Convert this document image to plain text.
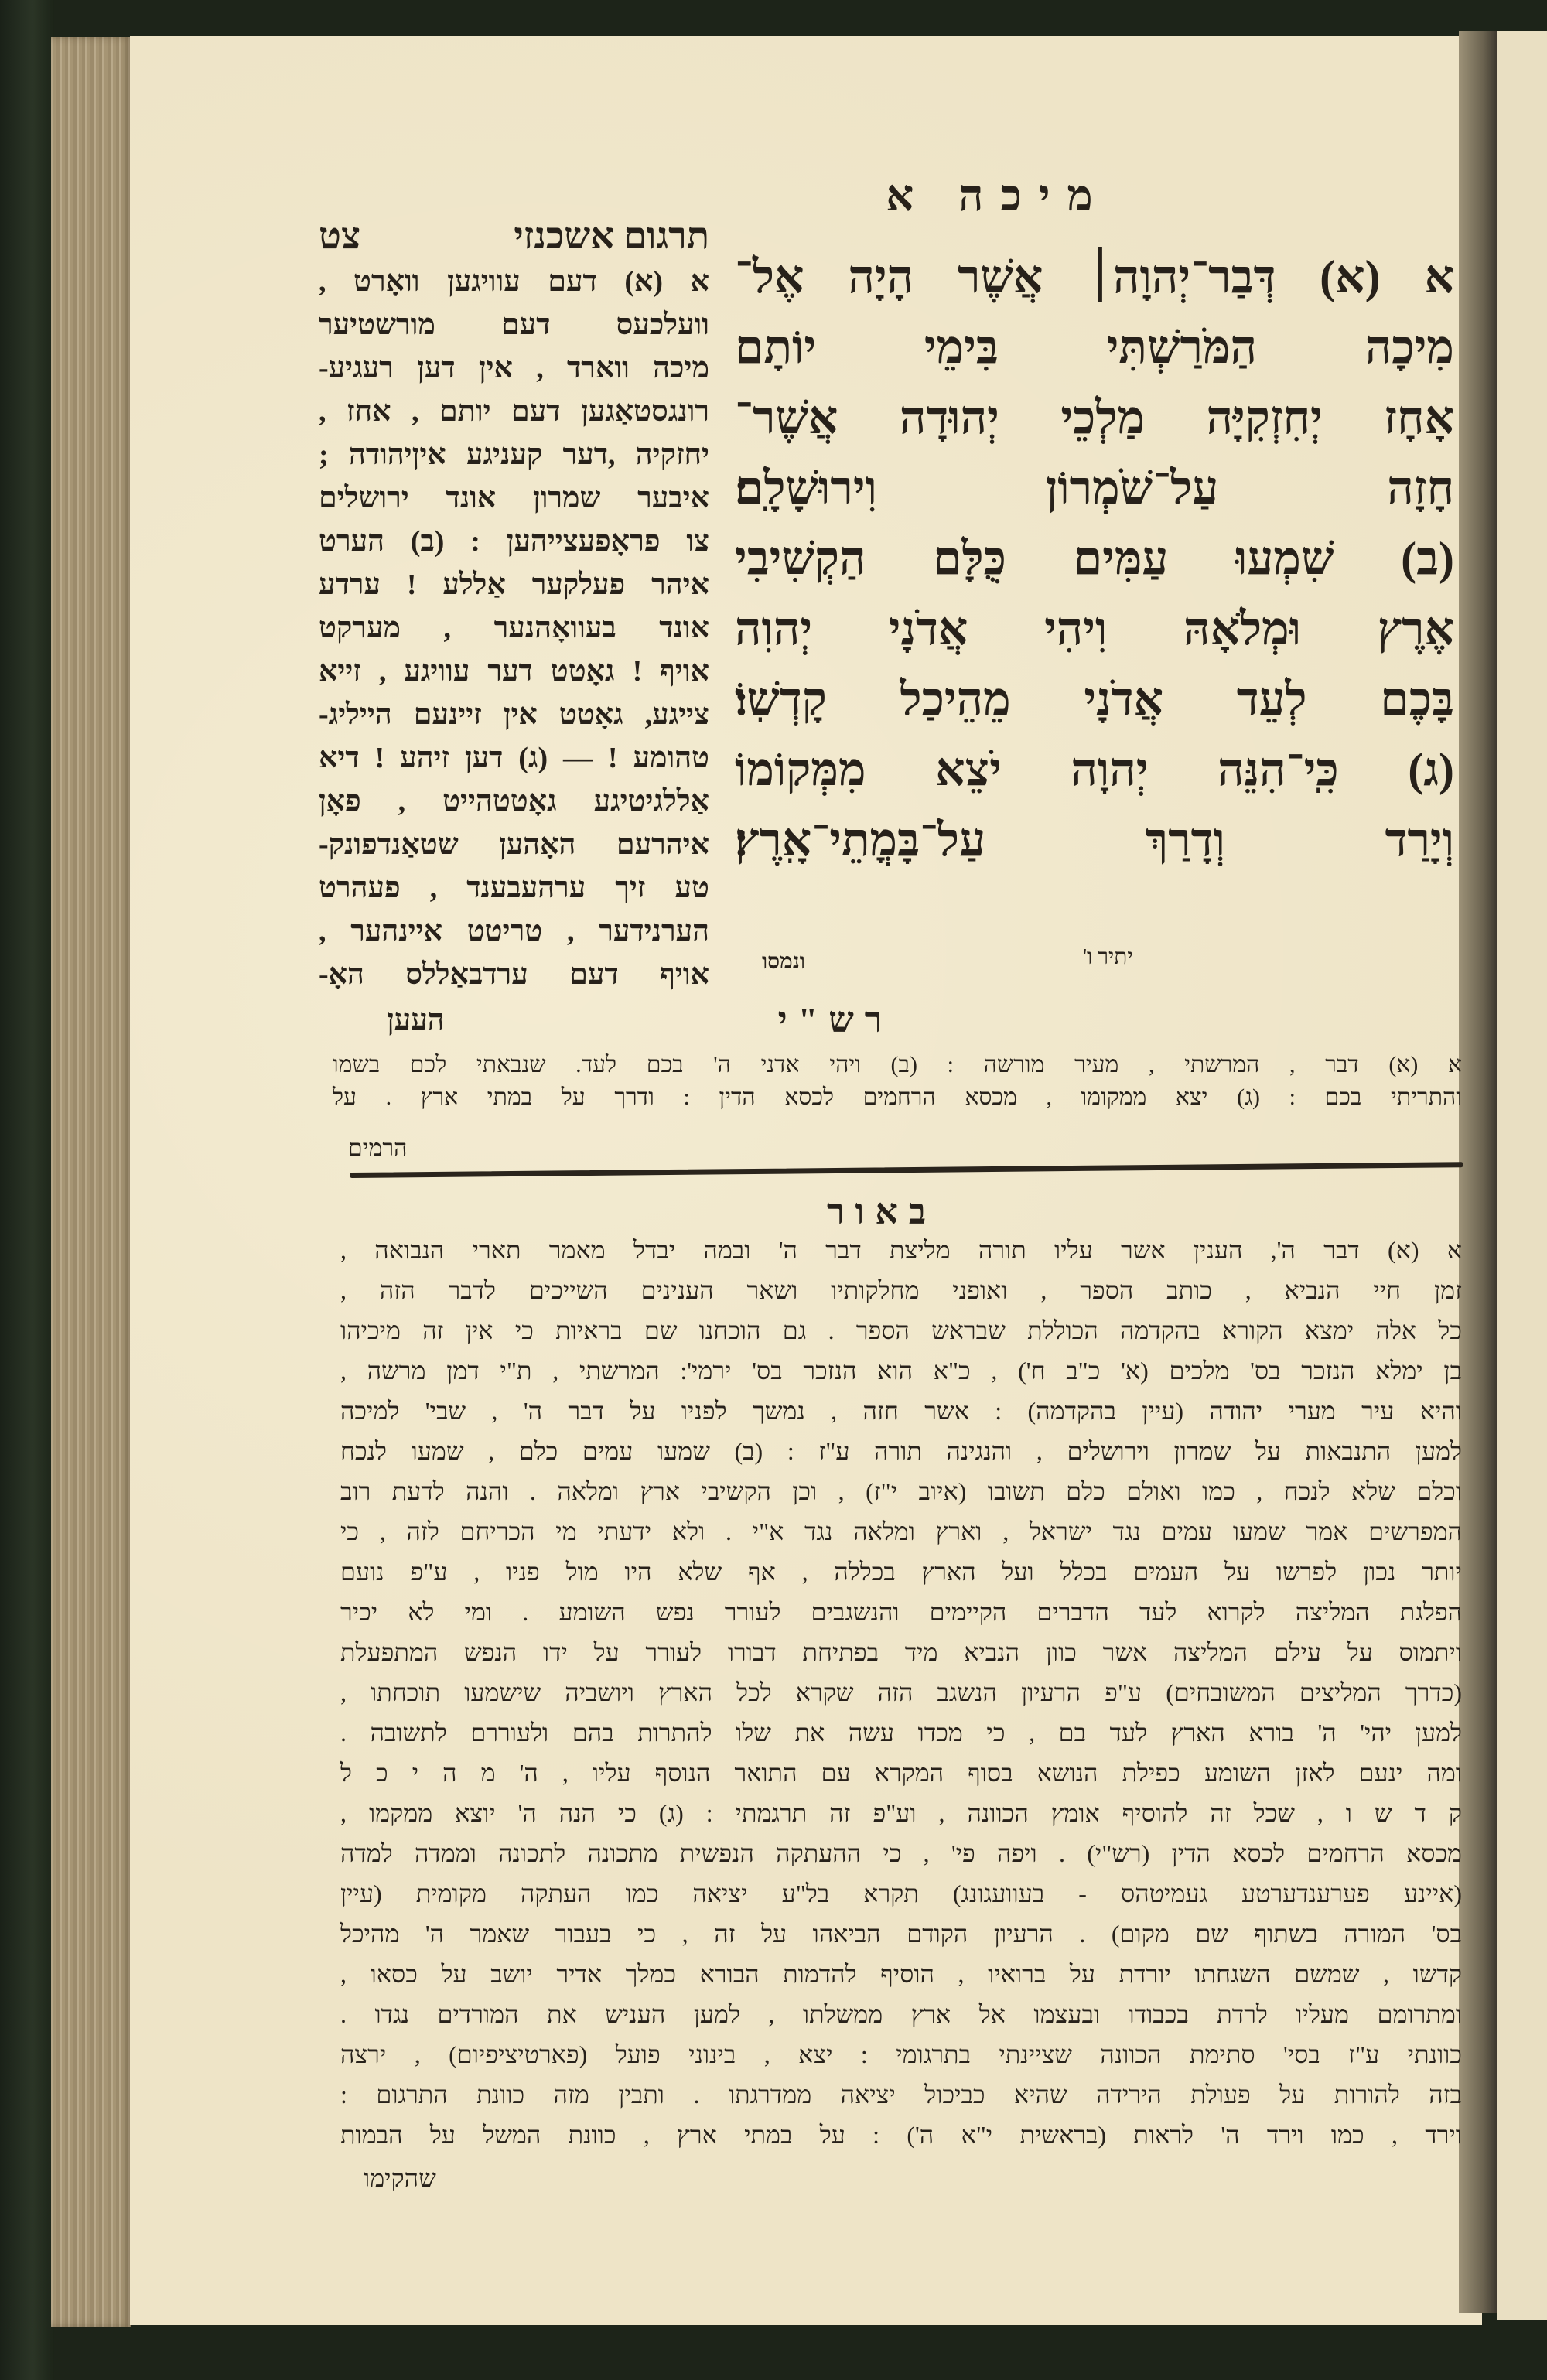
מיכה א
תרגום אשכנזי
צט
א (א) דעם עוויגען וואָרט ,
וועלכעס דעם מורשטיער
מיכה ווארד , אין דען רעגיע-
רונגסטאַגען דעם יותם , אחז ,
יחזקיה ,דער קעניגע איןיהודה ;
איבער שמרון אונד ירושלים
צו פראָפעצייהען : (ב) הערט
איהר פעלקער אַללע ! ערדע
אונד בעוואָהנער , מערקט
אויף ! גאָטט דער עוויגע , זייא
צייגע, גאָטט אין זיינעם הייליג-
טהומע ! — (ג) דען זיהע ! דיא
אַללגיטיגע גאָטטהייט , פאָן
איהרעם האָהען שטאַנדפונק-
טע זיך ערהעבענד , פעהרט
הערנידער , טריטט איינהער ,
אויף דעם ערדבאַללס האָ-
העען
א (א) דְּבַר־יְהוָה׀ אֲשֶׁר הָיָה אֶל־
מִיכָה הַמֹּרַשְׁתִּי בִּימֵי יוֹתָם
אָחָז יְחִזְקִיָּה מַלְכֵי יְהוּדָה אֲשֶׁר־
חָזָה עַל־שֹׁמְרוֹן וִירוּשָׁלָֽם׃
(ב) שִׁמְעוּ עַמִּים כֻּלָּם הַקְשִׁיבִי
אֶרֶץ וּמְלֹאָהּ וִיהִי אֲדֹנָי יְהוִה
בָּכֶם לְעֵד אֲדֹנָי מֵהֵיכַל קָדְשֽׁוֹ׃
(ג) כִּֽי־הִנֵּה יְהוָה יֹצֵא מִמְּקוֹמוֹ
וְיָרַד וְדָרַךְ עַל־בָּמֳתֵי־אָֽרֶץ׃
יתיר ו'
ונמסו
רש"י
א (א) דבר , המרשתי , מעיר מורשה : (ב) ויהי אדני ה' בכם לעד. שנבאתי לכם בשמו
והתריתי בכם : (ג) יצא ממקומו , מכסא הרחמים לכסא הדין : ודרך על במתי ארץ . על
הרמים
באור
א (א) דבר ה', הענין אשר עליו תורה מליצת דבר ה' ובמה יבדל מאמר תארי הנבואה ,
זמן חיי הנביא , כותב הספר , ואופני מחלקותיו ושאר הענינים השייכים לדבר הזה ,
כל אלה ימצא הקורא בהקדמה הכוללת שבראש הספר . גם הוכחנו שם בראיות כי אין זה מיכיהו
בן ימלא הנזכר בס' מלכים (א' כ"ב ח') , כ"א הוא הנזכר בס' ירמי': המרשתי , ת"י דמן מרשה ,
והיא עיר מערי יהודה (עיין בהקדמה) : אשר חזה , נמשך לפניו על דבר ה' , שבי' למיכה
למען התנבאות על שמרון וירושלים , והנגינה תורה ע"ז : (ב) שמעו עמים כלם , שמעו לנכח
וכלם שלא לנכח , כמו ואולם כלם תשובו (איוב י"ז) , וכן הקשיבי ארץ ומלאה . והנה לדעת רוב
המפרשים אמר שמעו עמים נגד ישראל , וארץ ומלאה נגד א"י . ולא ידעתי מי הכריחם לזה , כי
יותר נכון לפרשו על העמים בכלל ועל הארץ בכללה , אף שלא היו מול פניו , ע"פ נועם
הפלגת המליצה לקרוא לעד הדברים הקיימים והנשגבים לעורר נפש השומע . ומי לא יכיר
ויתמוס על עילם המליצה אשר כוון הנביא מיד בפתיחת דבורו לעורר על ידו הנפש המתפעלת
(כדרך המליצים המשובחים) ע"פ הרעיון הנשגב הזה שקרא לכל הארץ ויושביה שישמעו תוכחתו ,
למען יהי' ה' בורא הארץ לעד בם , כי מכדו עשה את שלו להתרות בהם ולעוררם לתשובה .
ומה ינעם לאזן השומע כפילת הנושא בסוף המקרא עם התואר הנוסף עליו , ה' מ ה י כ ל
ק ד ש ו , שכל זה להוסיף אומץ הכוונה , וע"פ זה תרגמתי : (ג) כי הנה ה' יוצא ממקמו ,
מכסא הרחמים לכסא הדין (רש"י) . ויפה פי' , כי ההעתקה הנפשית מתכונה לתכונה וממדה למדה
(איינע פערענדערטע געמיטהס - בעוועגונג) תקרא בל"ע יציאה כמו העתקה מקומית (עיין
בס' המורה בשתוף שם מקום) . הרעיון הקודם הביאהו על זה , כי בעבור שאמר ה' מהיכל
קדשו , שמשם השגחתו יורדת על ברואיו , הוסיף להדמות הבורא כמלך אדיר יושב על כסאו ,
ומתרומם מעליו לרדת בכבודו ובעצמו אל ארץ ממשלתו , למען העניש את המורדים נגדו .
כוונתי ע"ז בסי' סתימת הכוונה שציינתי בתרגומי : יצא , בינוני פועל (פארטיציפיום) , ירצה
בזה להורות על פעולת הירידה שהיא כביכול יציאה ממדרגתו . ותבין מזה כוונת התרגום :
וירד , כמו וירד ה' לראות (בראשית י"א ה') : על במתי ארץ , כוונת המשל על הבמות
שהקימו
